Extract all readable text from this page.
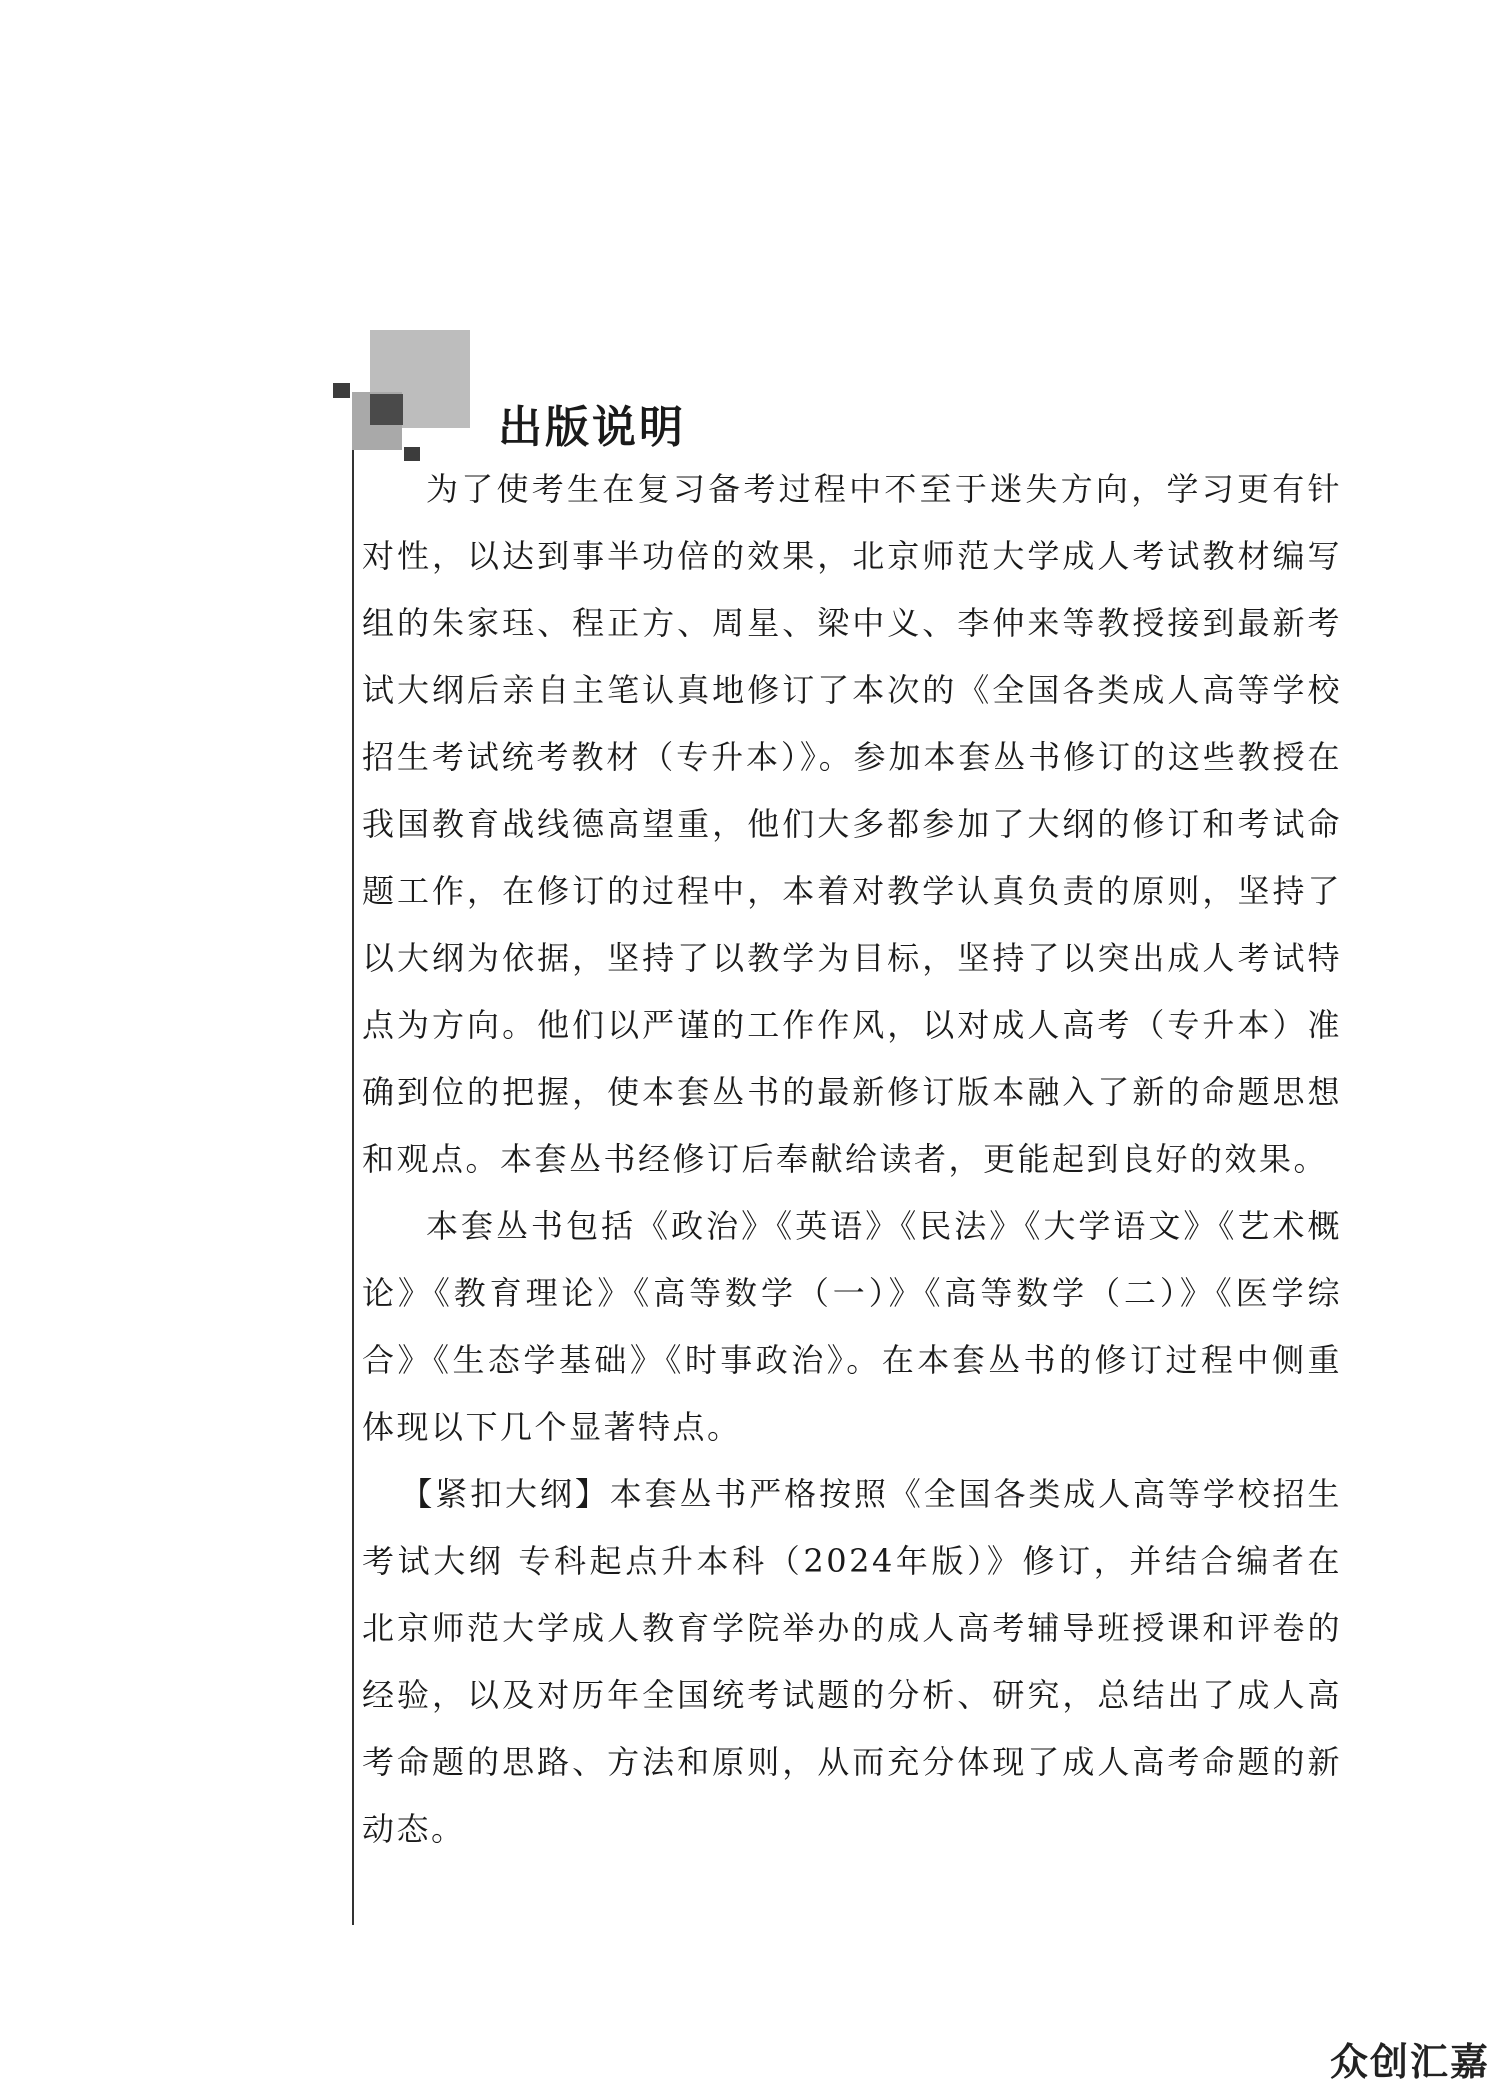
出版说明

为了使考生在复习备考过程中不至于迷失方向，学习更有针对性，以达到事半功倍的效果，北京师范大学成人考试教材编写组的朱家珏、程正方、周星、梁中义、李仲来等教授接到最新考试大纲后亲自主笔认真地修订了本次的《全国各类成人高等学校招生考试统考教材（专升本）》。参加本套丛书修订的这些教授在我国教育战线德高望重，他们大多都参加了大纲的修订和考试命题工作，在修订的过程中，本着对教学认真负责的原则，坚持了以大纲为依据，坚持了以教学为目标，坚持了以突出成人考试特点为方向。他们以严谨的工作作风，以对成人高考（专升本）准确到位的把握，使本套丛书的最新修订版本融入了新的命题思想和观点。本套丛书经修订后奉献给读者，更能起到良好的效果。

本套丛书包括《政治》《英语》《民法》《大学语文》《艺术概论》《教育理论》《高等数学（一）》《高等数学（二）》《医学综合》《生态学基础》《时事政治》。在本套丛书的修订过程中侧重体现以下几个显著特点。

【紧扣大纲】本套丛书严格按照《全国各类成人高等学校招生考试大纲 专科起点升本科（2024年版）》修订，并结合编者在北京师范大学成人教育学院举办的成人高考辅导班授课和评卷的经验，以及对历年全国统考试题的分析、研究，总结出了成人高考命题的思路、方法和原则，从而充分体现了成人高考命题的新动态。

众创汇嘉
